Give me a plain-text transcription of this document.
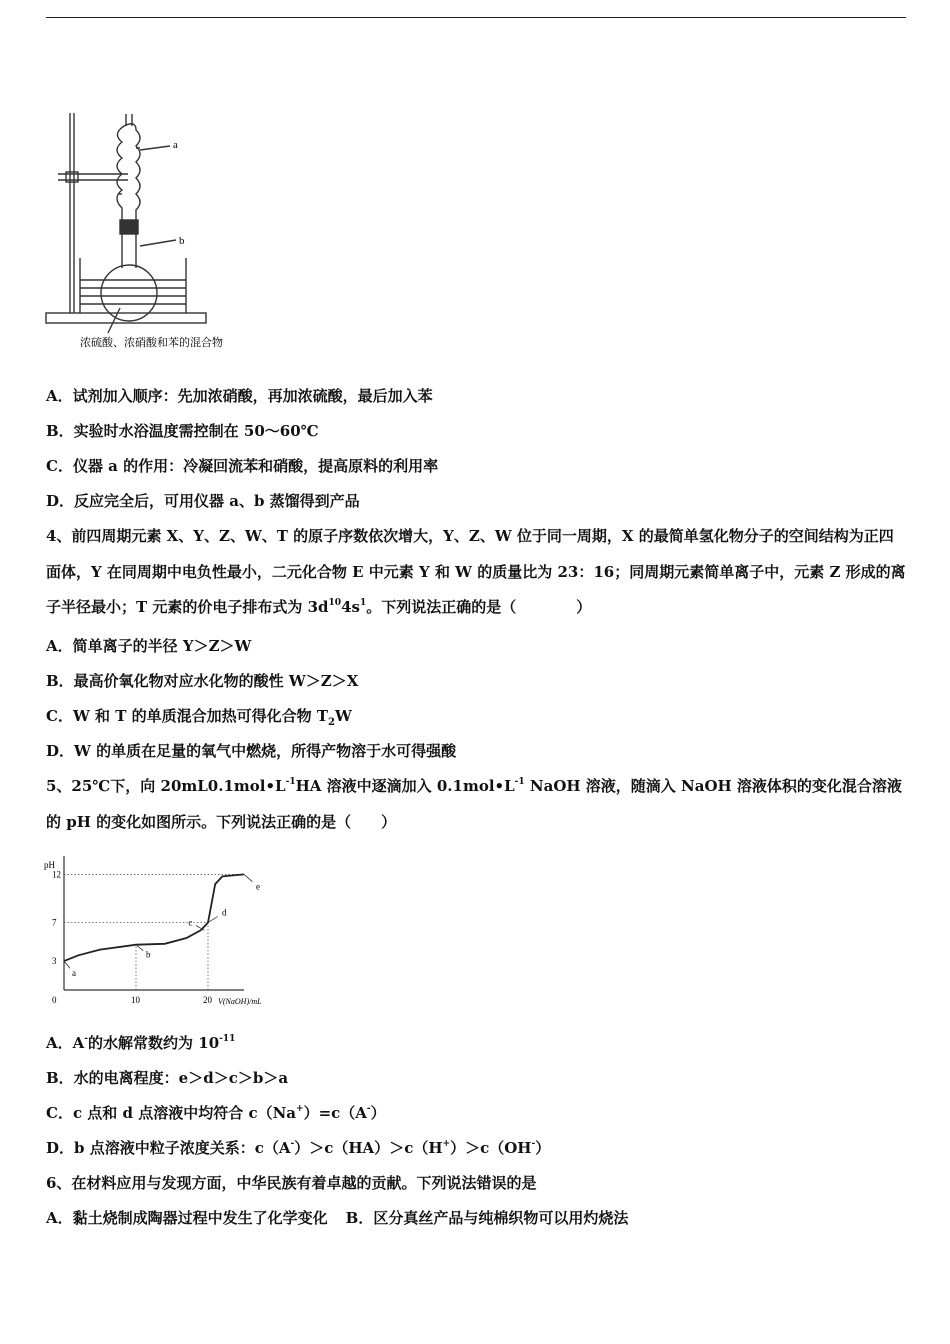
a
b
浓硫酸、浓硝酸和苯的混合物
A．试剂加入顺序：先加浓硝酸，再加浓硫酸，最后加入苯
B．实验时水浴温度需控制在 50～60℃
C．仪器 a 的作用：冷凝回流苯和硝酸，提高原料的利用率
D．反应完全后，可用仪器 a、b 蒸馏得到产品
4、前四周期元素 X、Y、Z、W、T 的原子序数依次增大，Y、Z、W 位于同一周期，X 的最简单氢化物分子的空间结构为正四面体，Y 在同周期中电负性最小，二元化合物 E 中元素 Y 和 W 的质量比为 23：16；同周期元素简单离子中，元素 Z 形成的离子半径最小；T 元素的价电子排布式为 $3d^{10}4s^1$。下列说法正确的是（　　　　）
A．简单离子的半径 Y＞Z＞W
B．最高价氧化物对应水化物的酸性 W＞Z＞X
C．W 和 T 的单质混合加热可得化合物 $T_2W$
D．W 的单质在足量的氧气中燃烧，所得产物溶于水可得强酸
5、25℃下，向 $20mL0.1mol•L^{-1}HA$ 溶液中逐滴加入 $0.1mol•L^{-1}$ NaOH 溶液，随滴入 NaOH 溶液体积的变化混合溶液的 pH 的变化如图所示。下列说法正确的是（　　）
pH
V(NaOH)/mL
3
7
12
0	10	20
a
b
c
d
e
A．A-的水解常数约为 $10^{-11}$
B．水的电离程度：e＞d＞c＞b＞a
C．c 点和 d 点溶液中均符合 c（Na+）=c（A-）
D．b 点溶液中粒子浓度关系：c（A-）＞c（HA）＞c（H+）＞c（OH-）
6、在材料应用与发现方面，中华民族有着卓越的贡献。下列说法错误的是
A．黏土烧制成陶器过程中发生了化学变化 B．区分真丝产品与纯棉织物可以用灼烧法
